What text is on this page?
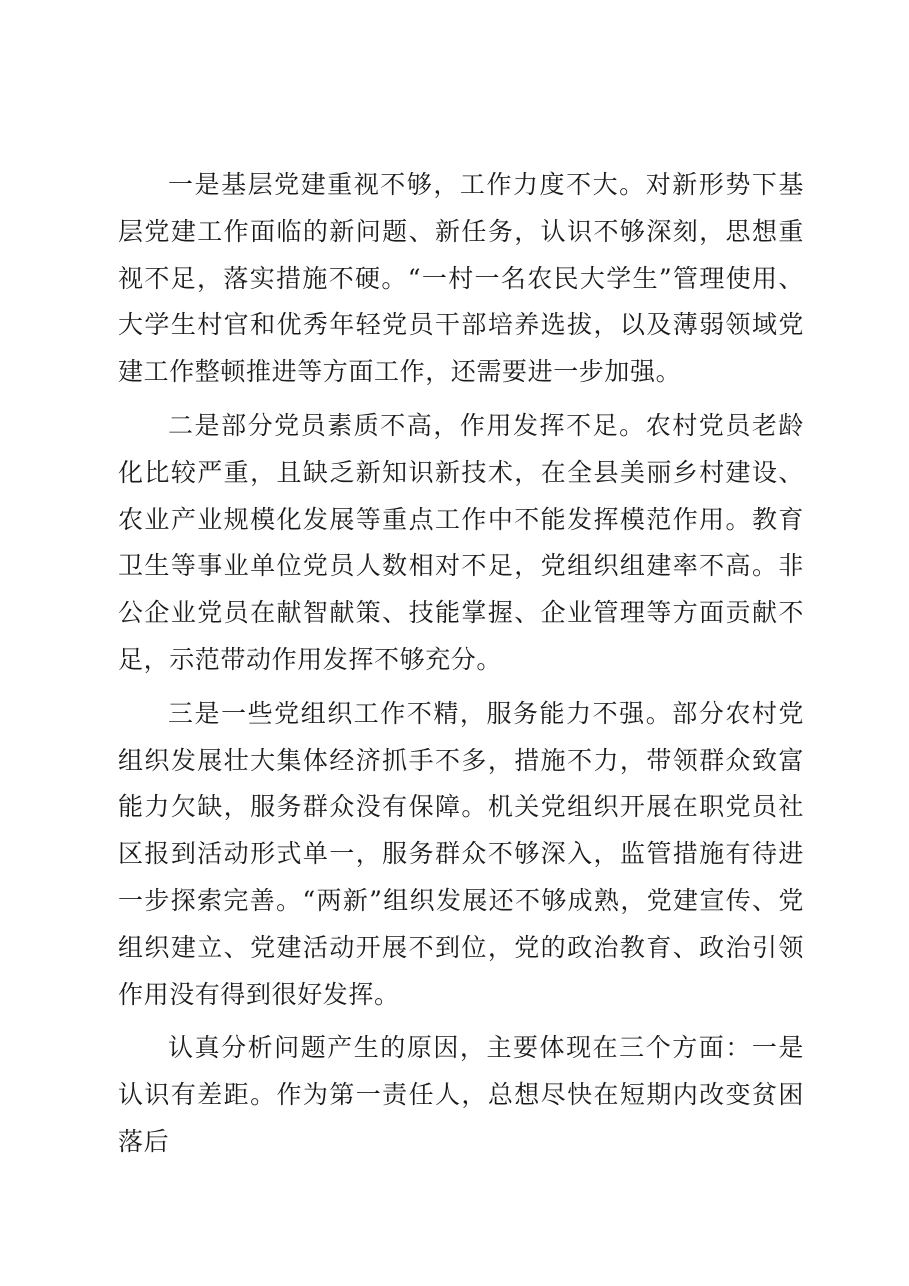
一是基层党建重视不够，工作力度不大。对新形势下基层党建工作面临的新问题、新任务，认识不够深刻，思想重视不足，落实措施不硬。“一村一名农民大学生”管理使用、大学生村官和优秀年轻党员干部培养选拔，以及薄弱领域党建工作整顿推进等方面工作，还需要进一步加强。

二是部分党员素质不高，作用发挥不足。农村党员老龄化比较严重，且缺乏新知识新技术，在全县美丽乡村建设、农业产业规模化发展等重点工作中不能发挥模范作用。教育卫生等事业单位党员人数相对不足，党组织组建率不高。非公企业党员在献智献策、技能掌握、企业管理等方面贡献不足，示范带动作用发挥不够充分。

三是一些党组织工作不精，服务能力不强。部分农村党组织发展壮大集体经济抓手不多，措施不力，带领群众致富能力欠缺，服务群众没有保障。机关党组织开展在职党员社区报到活动形式单一，服务群众不够深入，监管措施有待进一步探索完善。“两新”组织发展还不够成熟，党建宣传、党组织建立、党建活动开展不到位，党的政治教育、政治引领作用没有得到很好发挥。

认真分析问题产生的原因，主要体现在三个方面：一是认识有差距。作为第一责任人，总想尽快在短期内改变贫困落后
